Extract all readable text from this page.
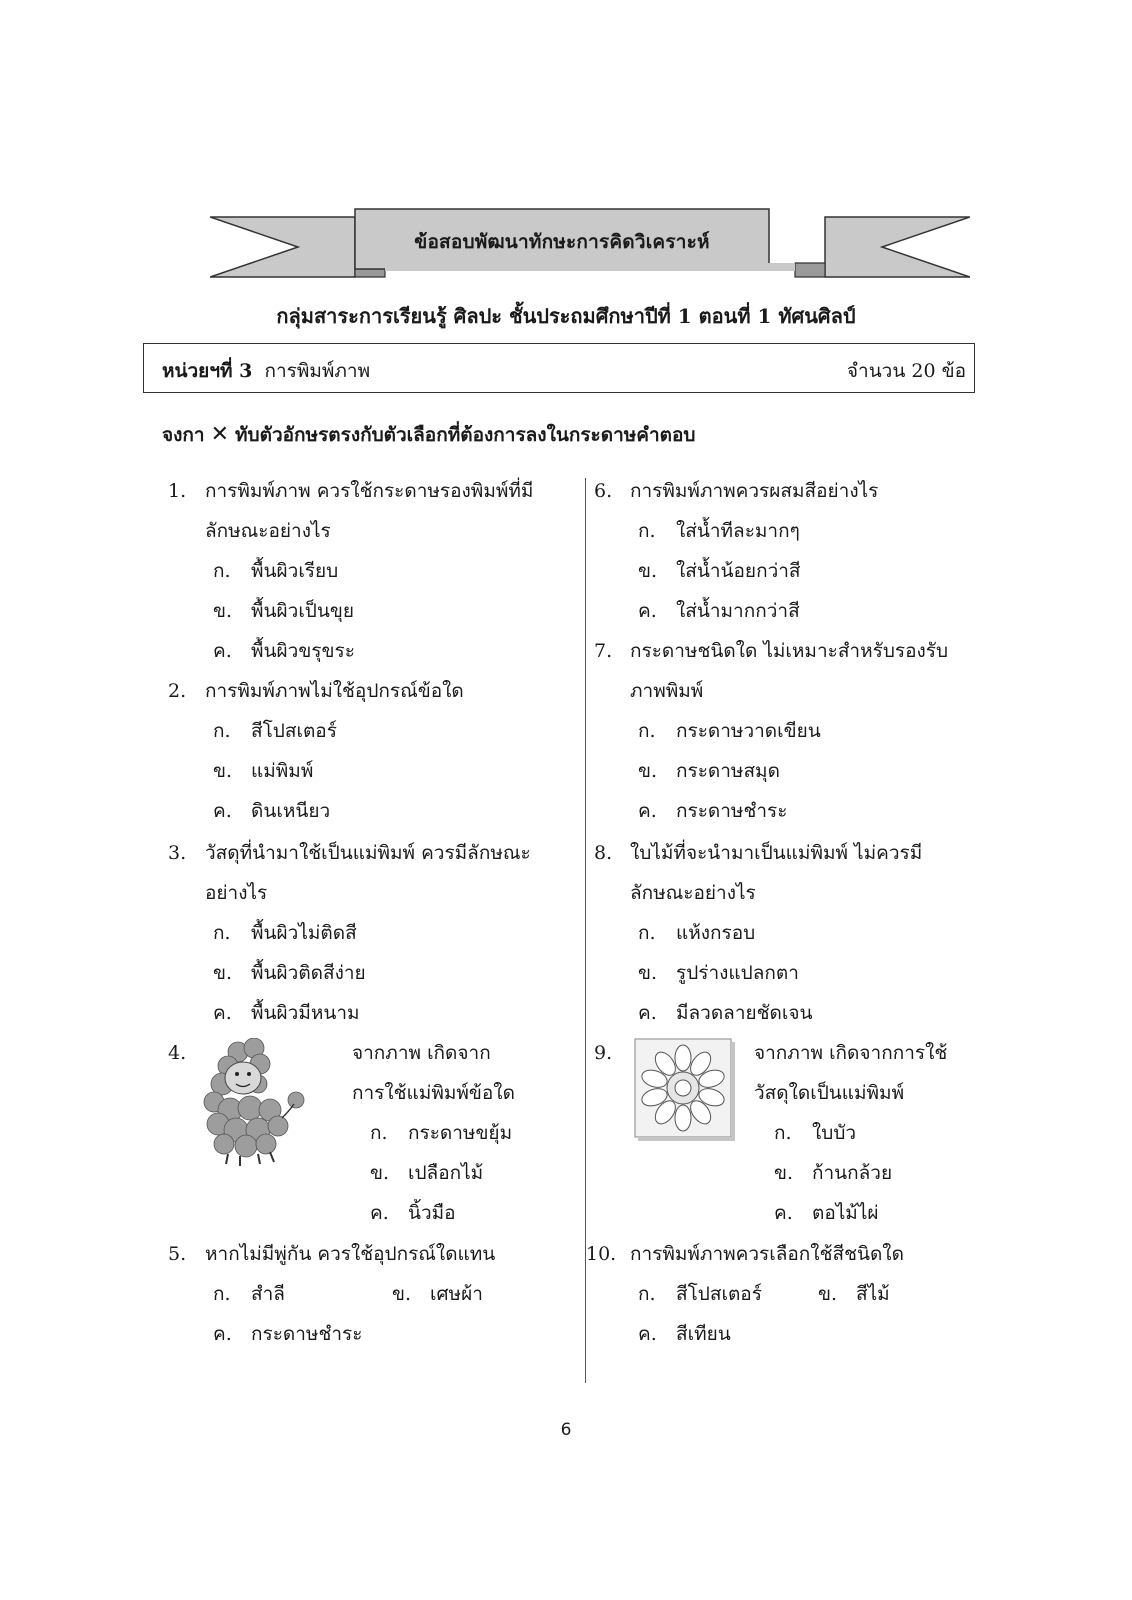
ข้อสอบพัฒนาทักษะการคิดวิเคราะห์
กลุ่มสาระการเรียนรู้ ศิลปะ ชั้นประถมศึกษาปีที่ 1 ตอนที่ 1 ทัศนศิลป์
หน่วยฯที่ 3 การพิมพ์ภาพ	จำนวน 20 ข้อ
จงกา ✕ ทับตัวอักษรตรงกับตัวเลือกที่ต้องการลงในกระดาษคำตอบ
1. การพิมพ์ภาพ ควรใช้กระดาษรองพิมพ์ที่มี
ลักษณะอย่างไร
ก. พื้นผิวเรียบ
ข. พื้นผิวเป็นขุย
ค. พื้นผิวขรุขระ
2. การพิมพ์ภาพไม่ใช้อุปกรณ์ข้อใด
ก. สีโปสเตอร์
ข. แม่พิมพ์
ค. ดินเหนียว
3. วัสดุที่นำมาใช้เป็นแม่พิมพ์ ควรมีลักษณะ
อย่างไร
ก. พื้นผิวไม่ติดสี
ข. พื้นผิวติดสีง่าย
ค. พื้นผิวมีหนาม
4.	จากภาพ เกิดจาก
การใช้แม่พิมพ์ข้อใด
ก. กระดาษขยุ้ม
ข. เปลือกไม้
ค. นิ้วมือ
5. หากไม่มีพู่กัน ควรใช้อุปกรณ์ใดแทน
ก. สำลี	ข. เศษผ้า
ค. กระดาษชำระ
6. การพิมพ์ภาพควรผสมสีอย่างไร
ก. ใส่น้ำทีละมากๆ
ข. ใส่น้ำน้อยกว่าสี
ค. ใส่น้ำมากกว่าสี
7. กระดาษชนิดใด ไม่เหมาะสำหรับรองรับ
ภาพพิมพ์
ก. กระดาษวาดเขียน
ข. กระดาษสมุด
ค. กระดาษชำระ
8. ใบไม้ที่จะนำมาเป็นแม่พิมพ์ ไม่ควรมี
ลักษณะอย่างไร
ก. แห้งกรอบ
ข. รูปร่างแปลกตา
ค. มีลวดลายชัดเจน
9.	จากภาพ เกิดจากการใช้
วัสดุใดเป็นแม่พิมพ์
ก. ใบบัว
ข. ก้านกล้วย
ค. ตอไม้ไผ่
10. การพิมพ์ภาพควรเลือกใช้สีชนิดใด
ก. สีโปสเตอร์	ข. สีไม้
ค. สีเทียน
6
